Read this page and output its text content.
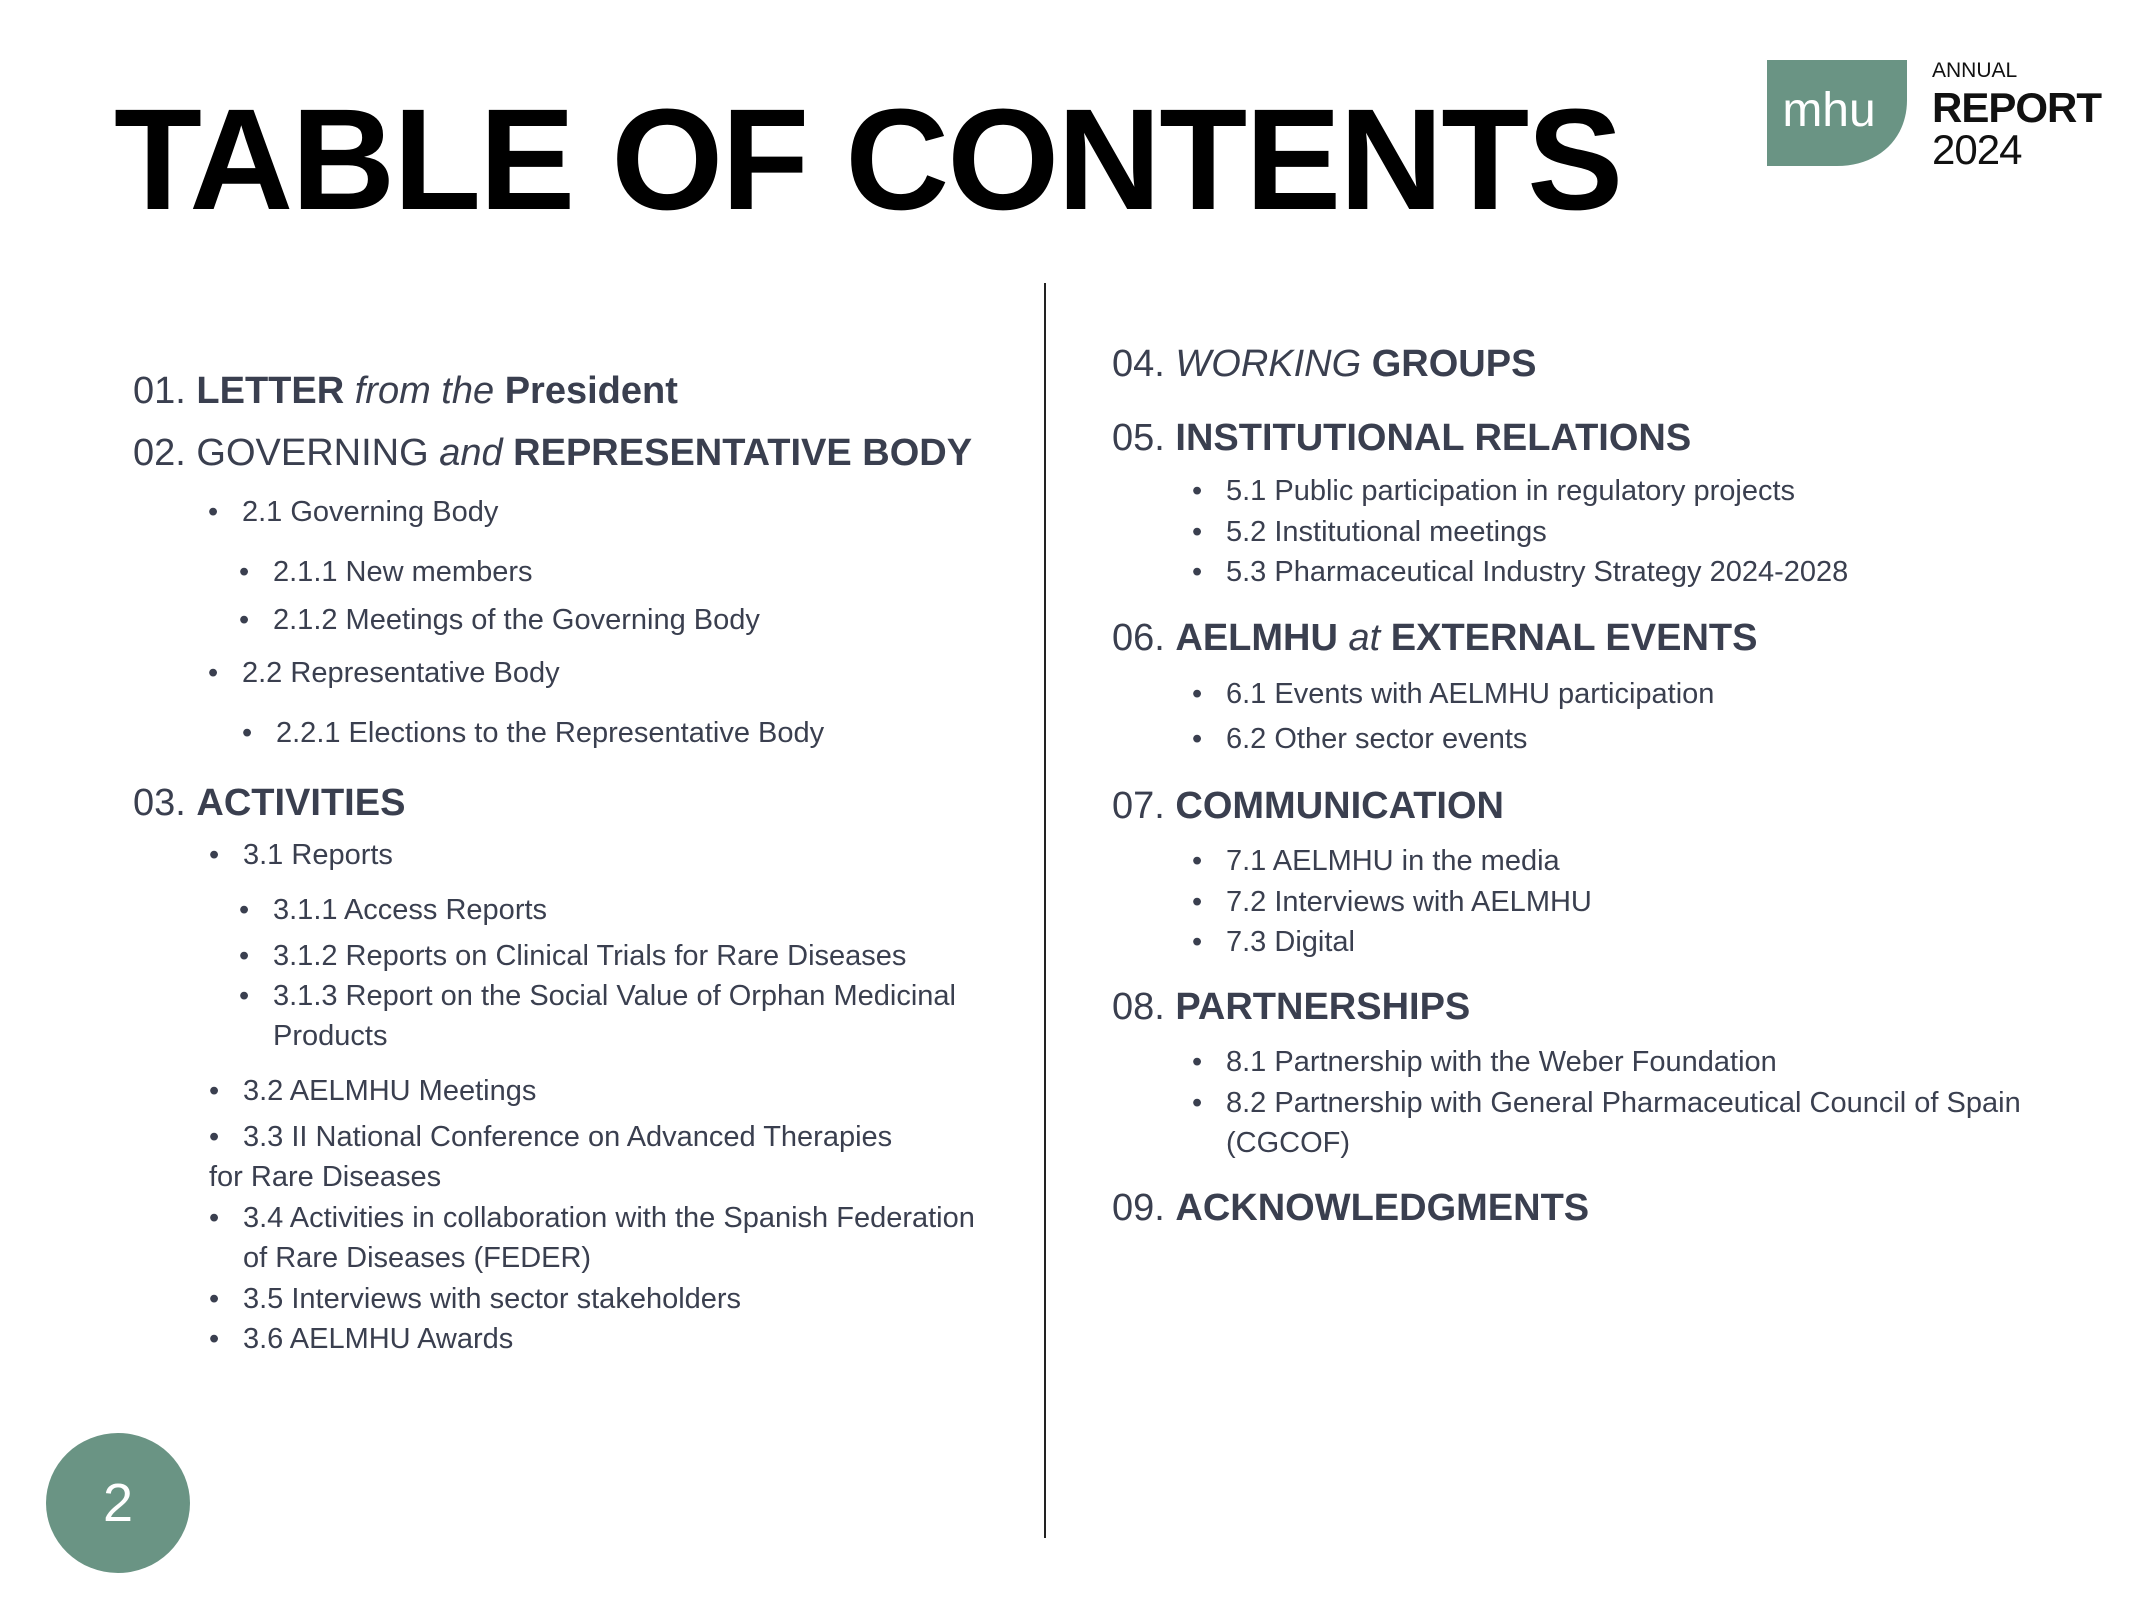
TABLE OF CONTENTS	mhu
ANNUAL
REPORT
2024
01. LETTER from the President
02. GOVERNING and REPRESENTATIVE BODY
• 2.1 Governing Body
• 2.1.1 New members
• 2.1.2 Meetings of the Governing Body
• 2.2 Representative Body
• 2.2.1 Elections to the Representative Body
03. ACTIVITIES
• 3.1 Reports
• 3.1.1 Access Reports
• 3.1.2 Reports on Clinical Trials for Rare Diseases
• 3.1.3 Report on the Social Value of Orphan Medicinal
Products
• 3.2 AELMHU Meetings
• 3.3 II National Conference on Advanced Therapies
for Rare Diseases
• 3.4 Activities in collaboration with the Spanish Federation
of Rare Diseases (FEDER)
• 3.5 Interviews with sector stakeholders
• 3.6 AELMHU Awards
04. WORKING GROUPS
05. INSTITUTIONAL RELATIONS
• 5.1 Public participation in regulatory projects
• 5.2 Institutional meetings
• 5.3 Pharmaceutical Industry Strategy 2024-2028
06. AELMHU at EXTERNAL EVENTS
• 6.1 Events with AELMHU participation
• 6.2 Other sector events
07. COMMUNICATION
• 7.1 AELMHU in the media
• 7.2 Interviews with AELMHU
• 7.3 Digital
08. PARTNERSHIPS
• 8.1 Partnership with the Weber Foundation
• 8.2 Partnership with General Pharmaceutical Council of Spain
(CGCOF)
09. ACKNOWLEDGMENTS
2
